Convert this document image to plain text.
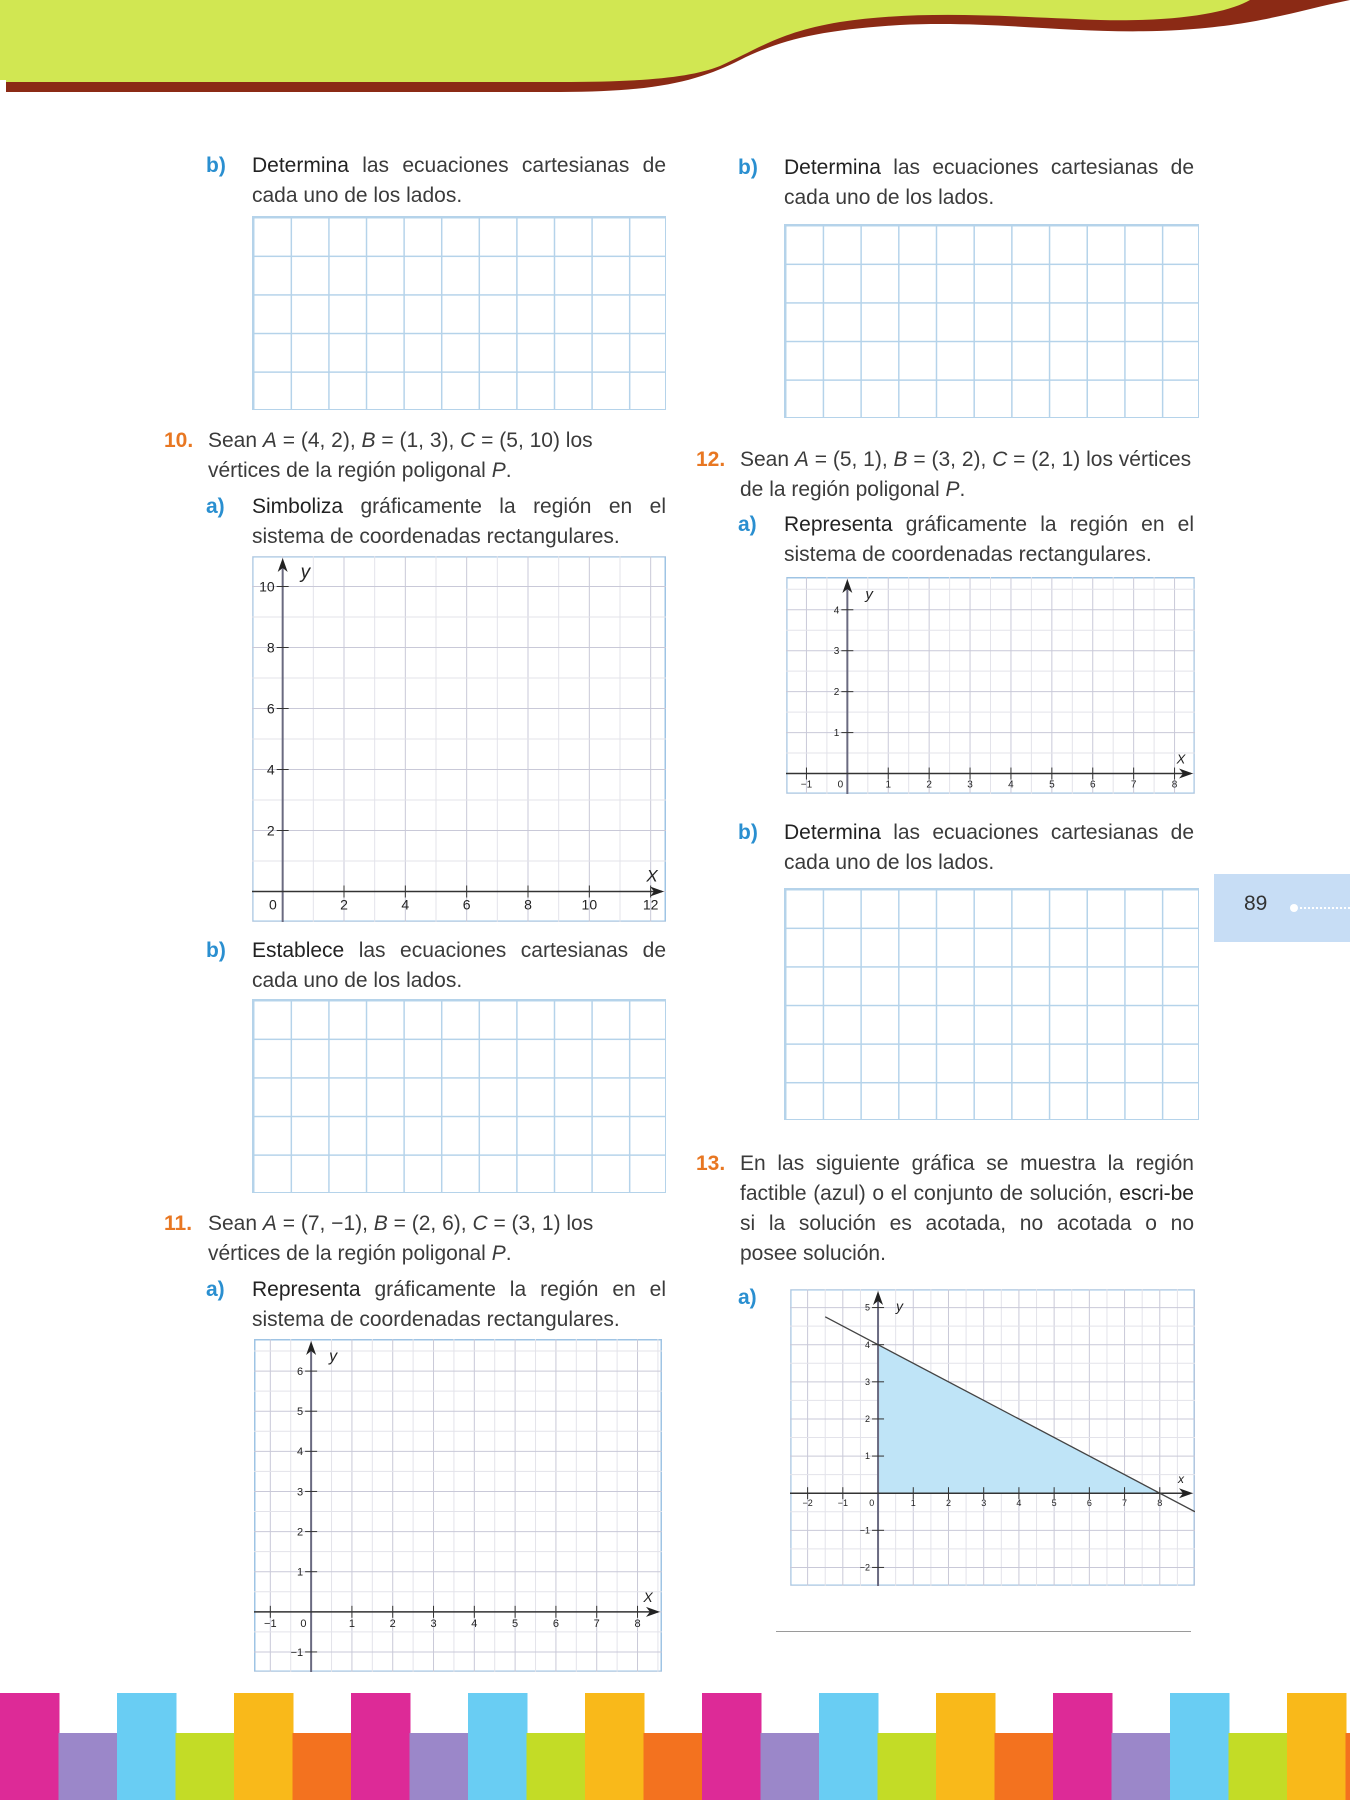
b) Determina las ecuaciones cartesianas de cada uno de los lados.
10. Sean A = (4, 2), B = (1, 3), C = (5, 10) los vértices de la región poligonal P.
a) Simboliza gráficamente la región en el sistema de coordenadas rectangulares.
0	2	4	6	8	10	12
2
4
6
8
10
X
y
b) Establece las ecuaciones cartesianas de cada uno de los lados.
11. Sean A = (7, −1), B = (2, 6), C = (3, 1) los vértices de la región poligonal P.
a) Representa gráficamente la región en el sistema de coordenadas rectangulares.
−1 0	1	2	3	4	5	6	7	8
−1
1
2
3
4
5
6
X
y
b) Determina las ecuaciones cartesianas de cada uno de los lados.
12. Sean A = (5, 1), B = (3, 2), C = (2, 1) los vértices de la región poligonal P.
a) Representa gráficamente la región en el sistema de coordenadas rectangulares.
−1	0	1	2	3	4	5	6	7	8
1
2
3
4
X
y
b) Determina las ecuaciones cartesianas de cada uno de los lados.
13. En las siguiente gráfica se muestra la región factible (azul) o el conjunto de solución, escri-be si la solución es acotada, no acotada o no posee solución.
a)
−2	−1 0	1	2	3	4	5	6	7	8
−2
−1
1
2
3
4
5
x
y
89
